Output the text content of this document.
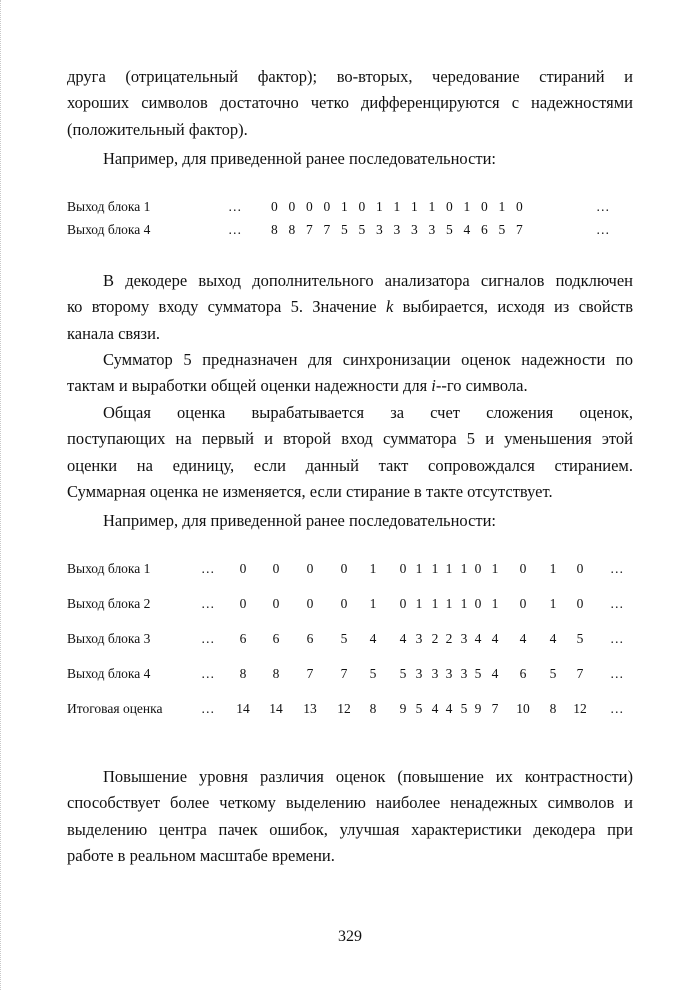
друга (отрицательный фактор); во-вторых, чередование стираний и
хороших символов достаточно четко дифференцируются с надежностями
(положительный фактор).
Например, для приведенной ранее последовательности:
Выход блока 1	… 0 0 0 0 1 0 1 1 1 1 0 1 0 1 0	…
Выход блока 4	… 8 8 7 7 5 5 3 3 3 3 5 4 6 5 7	…
В декодере выход дополнительного анализатора сигналов подключен
ко второму входу сумматора 5. Значение k выбирается, исходя из свойств
канала связи.
Сумматор 5 предназначен для синхронизации оценок надежности по
тактам и выработки общей оценки надежности для i--го символа.
Общая оценка вырабатывается за счет сложения оценок,
поступающих на первый и второй вход сумматора 5 и уменьшения этой
оценки на единицу, если данный такт сопровождался стиранием.
Суммарная оценка не изменяется, если стирание в такте отсутствует.
Например, для приведенной ранее последовательности:
Выход блока 1	…	0	0	0	0	1	0 1 1 1 1 0 1	0	1	0	…
Выход блока 2	…	0	0	0	0	1	0 1 1 1 1 0 1	0	1	0	…
Выход блока 3	…	6	6	6	5	4	4 3 2 2 3 4 4	4	4	5	…
Выход блока 4	…	8	8	7	7	5	5 3 3 3 3 5 4	6	5	7	…
Итоговая оценка	…	14	14	13	12	8	9 5 4 4 5 9 7	10	8	12	…
Повышение уровня различия оценок (повышение их контрастности)
способствует более четкому выделению наиболее ненадежных символов и
выделению центра пачек ошибок, улучшая характеристики декодера при
работе в реальном масштабе времени.
329
